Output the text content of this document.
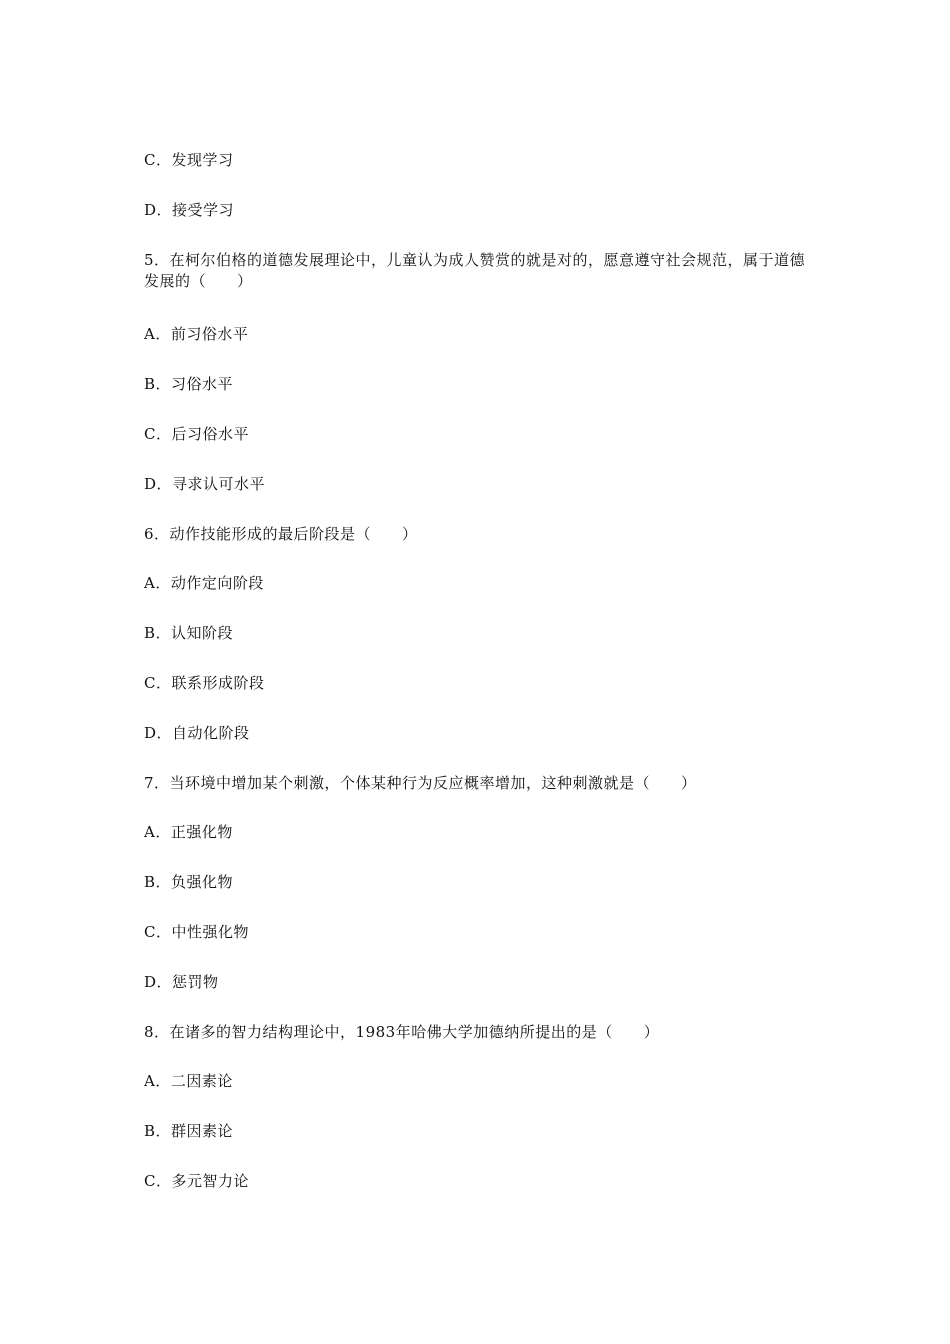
C．发现学习
D．接受学习
5．在柯尔伯格的道德发展理论中，儿童认为成人赞赏的就是对的，愿意遵守社会规范，属于道德发展的（　　）
A．前习俗水平
B．习俗水平
C．后习俗水平
D．寻求认可水平
6．动作技能形成的最后阶段是（　　）
A．动作定向阶段
B．认知阶段
C．联系形成阶段
D．自动化阶段
7．当环境中增加某个刺激，个体某种行为反应概率增加，这种刺激就是（　　）
A．正强化物
B．负强化物
C．中性强化物
D．惩罚物
8．在诸多的智力结构理论中，1983年哈佛大学加德纳所提出的是（　　）
A．二因素论
B．群因素论
C．多元智力论
